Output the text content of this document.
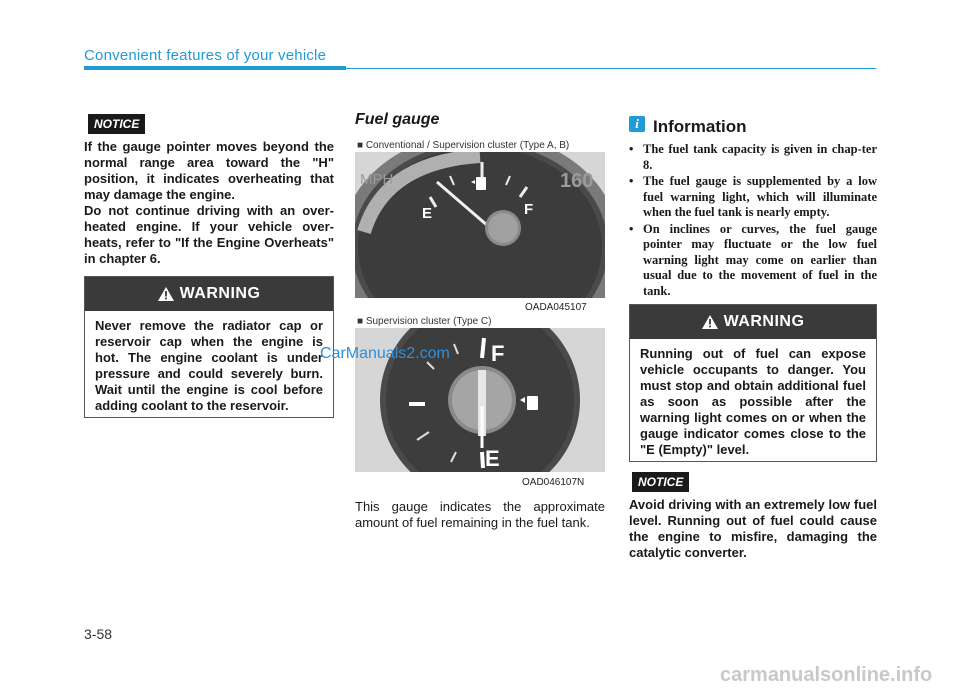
Convenient features of your vehicle
NOTICE
If the gauge pointer moves beyond the normal range area toward the "H" position, it indicates overheating that may damage the engine.
Do not continue driving with an over-heated engine. If your vehicle over-heats, refer to "If the Engine Overheats" in chapter 6.
WARNING
Never remove the radiator cap or reservoir cap when the engine is hot. The engine coolant is under pressure and could severely burn. Wait until the engine is cool before adding coolant to the reservoir.
Fuel gauge
■ Conventional / Supervision cluster (Type A, B)
MPH	160
E	F
OADA045107
■ Supervision cluster (Type C)
F
E
OAD046107N
This gauge indicates the approximate amount of fuel remaining in the fuel tank.
i Information
• The fuel tank capacity is given in chap-ter 8.
• The fuel gauge is supplemented by a low fuel warning light, which will illuminate when the fuel tank is nearly empty.
• On inclines or curves, the fuel gauge pointer may fluctuate or the low fuel warning light may come on earlier than usual due to the movement of fuel in the tank.
WARNING
Running out of fuel can expose vehicle occupants to danger. You must stop and obtain additional fuel as soon as possible after the warning light comes on or when the gauge indicator comes close to the "E (Empty)" level.
NOTICE
Avoid driving with an extremely low fuel level. Running out of fuel could cause the engine to misfire, damaging the catalytic converter.
3-58
CarManuals2.com
carmanualsonline.info
